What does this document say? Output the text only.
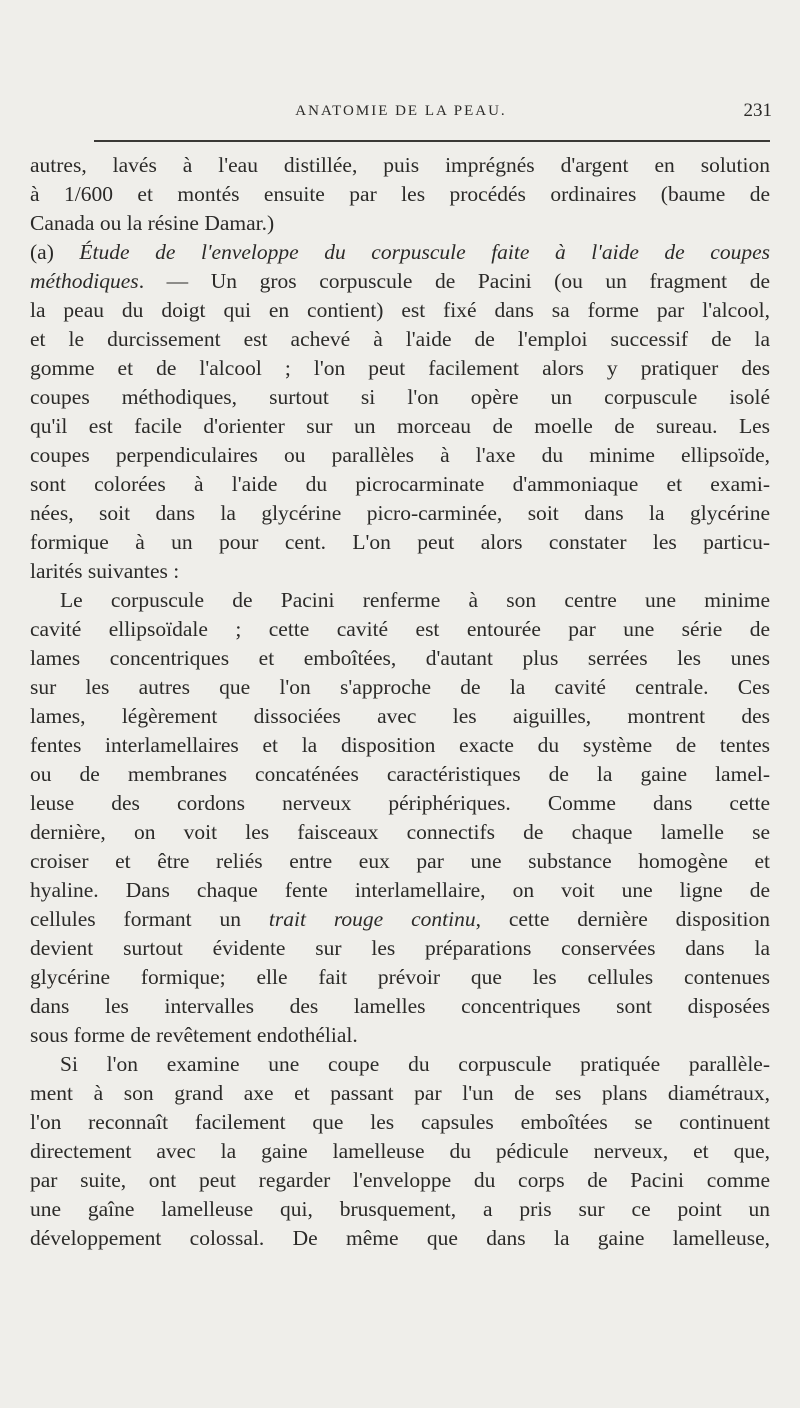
ANATOMIE DE LA PEAU.	231
autres, lavés à l'eau distillée, puis imprégnés d'argent en solution
à 1/600 et montés ensuite par les procédés ordinaires (baume de
Canada ou la résine Damar.)
(a) Étude de l'enveloppe du corpuscule faite à l'aide de coupes
méthodiques. — Un gros corpuscule de Pacini (ou un fragment de
la peau du doigt qui en contient) est fixé dans sa forme par l'alcool,
et le durcissement est achevé à l'aide de l'emploi successif de la
gomme et de l'alcool ; l'on peut facilement alors y pratiquer des
coupes méthodiques, surtout si l'on opère un corpuscule isolé
qu'il est facile d'orienter sur un morceau de moelle de sureau. Les
coupes perpendiculaires ou parallèles à l'axe du minime ellipsoïde,
sont colorées à l'aide du picrocarminate d'ammoniaque et exami-
nées, soit dans la glycérine picro-carminée, soit dans la glycérine
formique à un pour cent. L'on peut alors constater les particu-
larités suivantes :
Le corpuscule de Pacini renferme à son centre une minime
cavité ellipsoïdale ; cette cavité est entourée par une série de
lames concentriques et emboîtées, d'autant plus serrées les unes
sur les autres que l'on s'approche de la cavité centrale. Ces
lames, légèrement dissociées avec les aiguilles, montrent des
fentes interlamellaires et la disposition exacte du système de tentes
ou de membranes concaténées caractéristiques de la gaine lamel-
leuse des cordons nerveux périphériques. Comme dans cette
dernière, on voit les faisceaux connectifs de chaque lamelle se
croiser et être reliés entre eux par une substance homogène et
hyaline. Dans chaque fente interlamellaire, on voit une ligne de
cellules formant un trait rouge continu, cette dernière disposition
devient surtout évidente sur les préparations conservées dans la
glycérine formique; elle fait prévoir que les cellules contenues
dans les intervalles des lamelles concentriques sont disposées
sous forme de revêtement endothélial.
Si l'on examine une coupe du corpuscule pratiquée parallèle-
ment à son grand axe et passant par l'un de ses plans diamétraux,
l'on reconnaît facilement que les capsules emboîtées se continuent
directement avec la gaine lamelleuse du pédicule nerveux, et que,
par suite, ont peut regarder l'enveloppe du corps de Pacini comme
une gaîne lamelleuse qui, brusquement, a pris sur ce point un
développement colossal. De même que dans la gaine lamelleuse,
